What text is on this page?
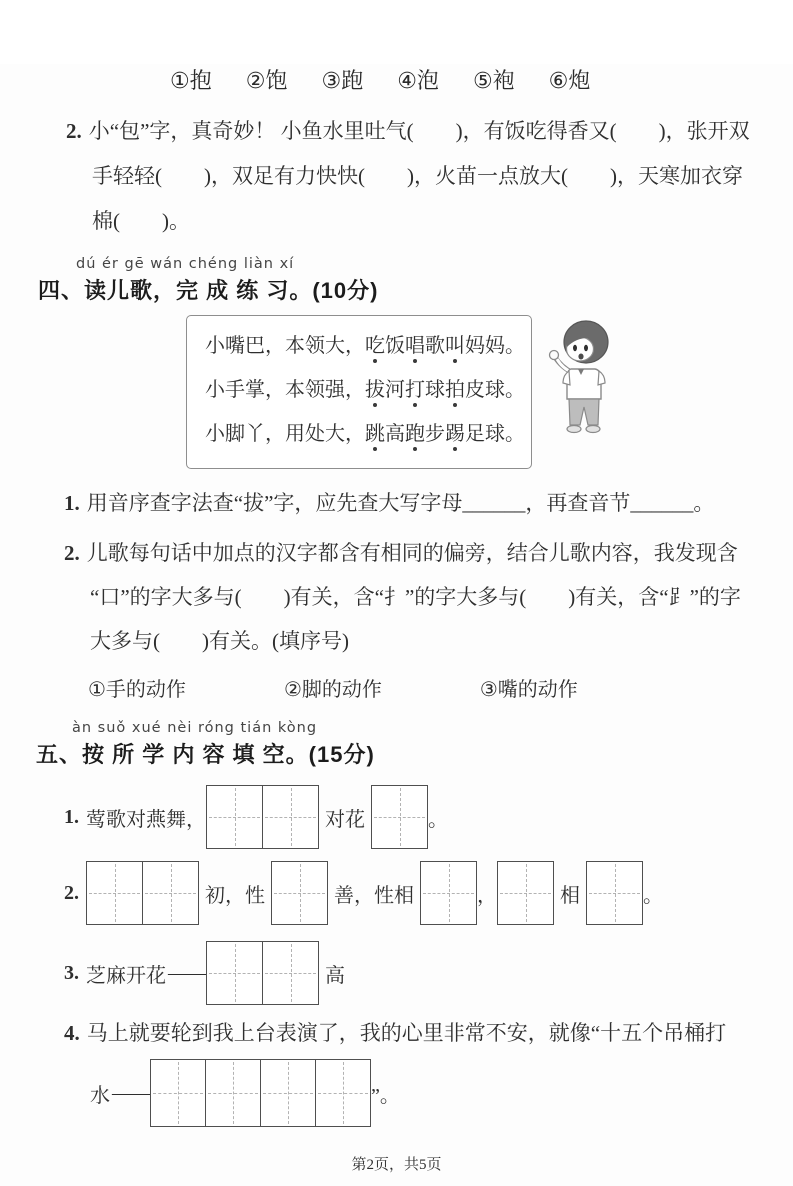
①抱 ②饱 ③跑 ④泡 ⑤袍 ⑥炮
2. 小“包”字，真奇妙！ 小鱼水里吐气(　　)，有饭吃得香又(　　)，张开双
手轻轻(　　)，双足有力快快(　　)，火苗一点放大(　　)，天寒加衣穿
棉(　　)。
dú ér gē wán chéng liàn xí
四、读儿歌，完 成 练 习。(10分)
小嘴巴，本领大，吃饭唱歌叫妈妈。
小手掌，本领强，拔河打球拍皮球。
小脚丫，用处大，跳高跑步踢足球。
1. 用音序查字法查“拔”字，应先查大写字母______，再查音节______。
2. 儿歌每句话中加点的汉字都含有相同的偏旁，结合儿歌内容，我发现含
“口”的字大多与(　　)有关，含“扌”的字大多与(　　)有关，含“⻊”的字
大多与(　　)有关。(填序号)
①手的动作	②脚的动作	③嘴的动作
àn suǒ xué nèi róng tián kòng
五、按 所 学 内 容 填 空。(15分)
1. 莺歌对燕舞，	对花	。
2.	初，性	善，性相	，	相	。
3. 芝麻开花 ——	高
4. 马上就要轮到我上台表演了，我的心里非常不安，就像“十五个吊桶打
水 ——	”。
第2页，共5页
